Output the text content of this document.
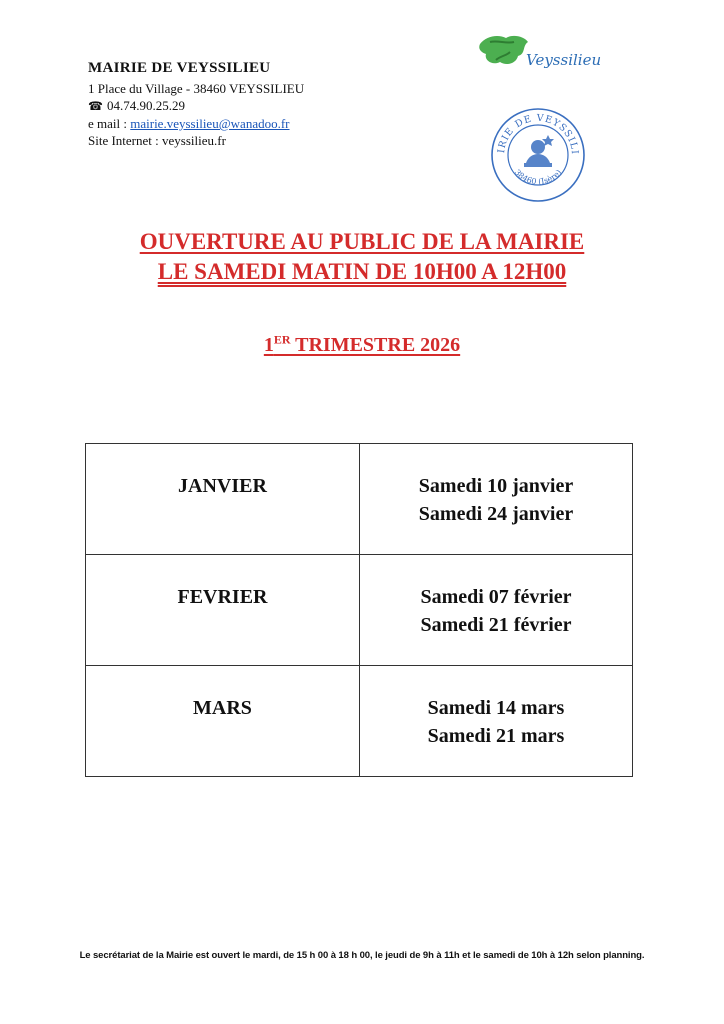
MAIRIE DE VEYSSILIEU
1 Place du Village - 38460 VEYSSILIEU
☎ 04.74.90.25.29
e mail : mairie.veyssilieu@wanadoo.fr
Site Internet : veyssilieu.fr
Veyssilieu
IRIE DE VEYSSILI
38460 (Isère)
OUVERTURE AU PUBLIC DE LA MAIRIE
LE SAMEDI MATIN DE 10H00 A 12H00
1ER TRIMESTRE 2026
JANVIER	Samedi 10 janvier
Samedi 24 janvier

FEVRIER	Samedi 07 février
Samedi 21 février

MARS	Samedi 14 mars
Samedi 21 mars
Le secrétariat de la Mairie est ouvert le mardi, de 15 h 00 à 18 h 00, le jeudi de 9h à 11h et le samedi de 10h à 12h selon planning.
